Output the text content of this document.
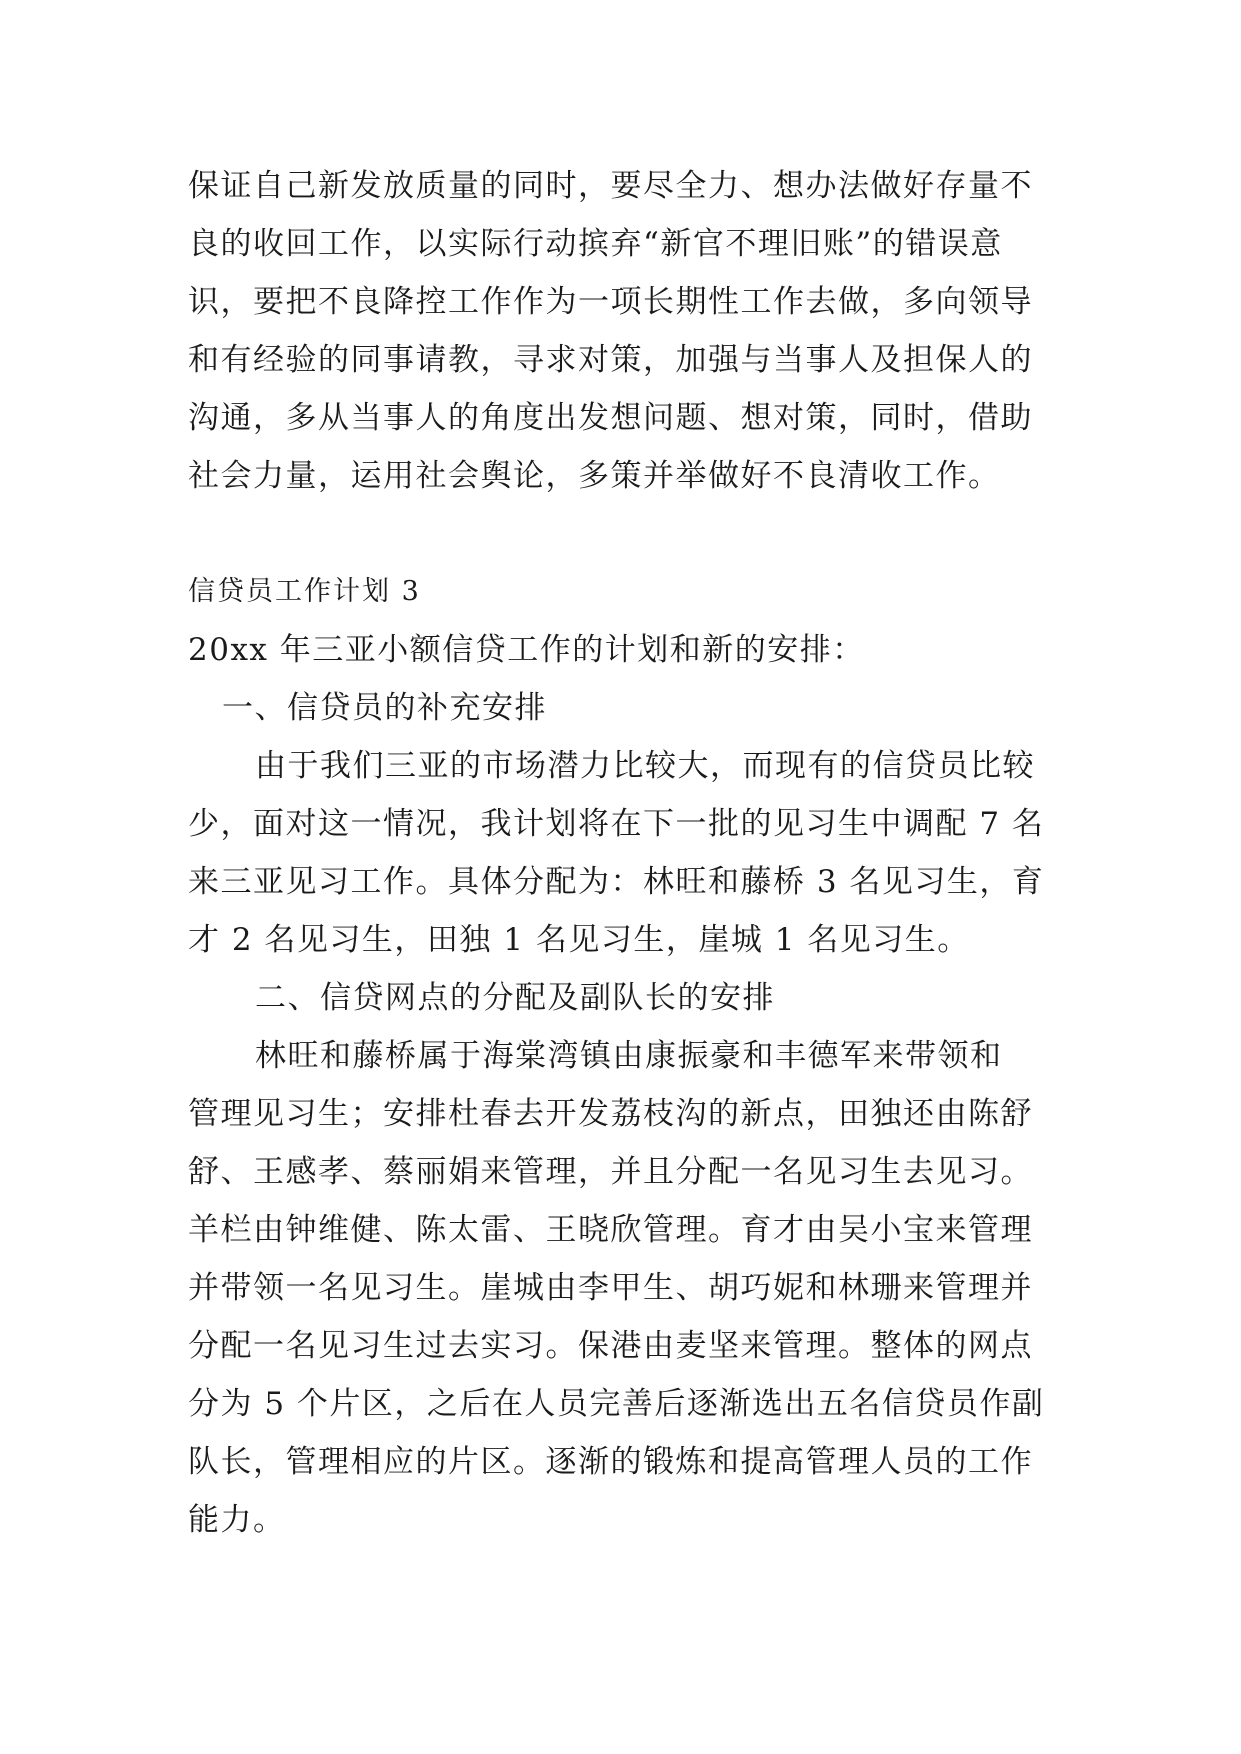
保证自己新发放质量的同时，要尽全力、想办法做好存量不
良的收回工作，以实际行动摈弃“新官不理旧账”的错误意
识，要把不良降控工作作为一项长期性工作去做，多向领导
和有经验的同事请教，寻求对策，加强与当事人及担保人的
沟通，多从当事人的角度出发想问题、想对策，同时，借助
社会力量，运用社会舆论，多策并举做好不良清收工作。
信贷员工作计划 3
20xx 年三亚小额信贷工作的计划和新的安排：
一、信贷员的补充安排
由于我们三亚的市场潜力比较大，而现有的信贷员比较
少，面对这一情况，我计划将在下一批的见习生中调配 7 名
来三亚见习工作。具体分配为：林旺和藤桥 3 名见习生，育
才 2 名见习生，田独 1 名见习生，崖城 1 名见习生。
二、信贷网点的分配及副队长的安排
林旺和藤桥属于海棠湾镇由康振豪和丰德军来带领和
管理见习生；安排杜春去开发荔枝沟的新点，田独还由陈舒
舒、王感孝、蔡丽娟来管理，并且分配一名见习生去见习。
羊栏由钟维健、陈太雷、王晓欣管理。育才由吴小宝来管理
并带领一名见习生。崖城由李甲生、胡巧妮和林珊来管理并
分配一名见习生过去实习。保港由麦坚来管理。整体的网点
分为 5 个片区，之后在人员完善后逐渐选出五名信贷员作副
队长，管理相应的片区。逐渐的锻炼和提高管理人员的工作
能力。
